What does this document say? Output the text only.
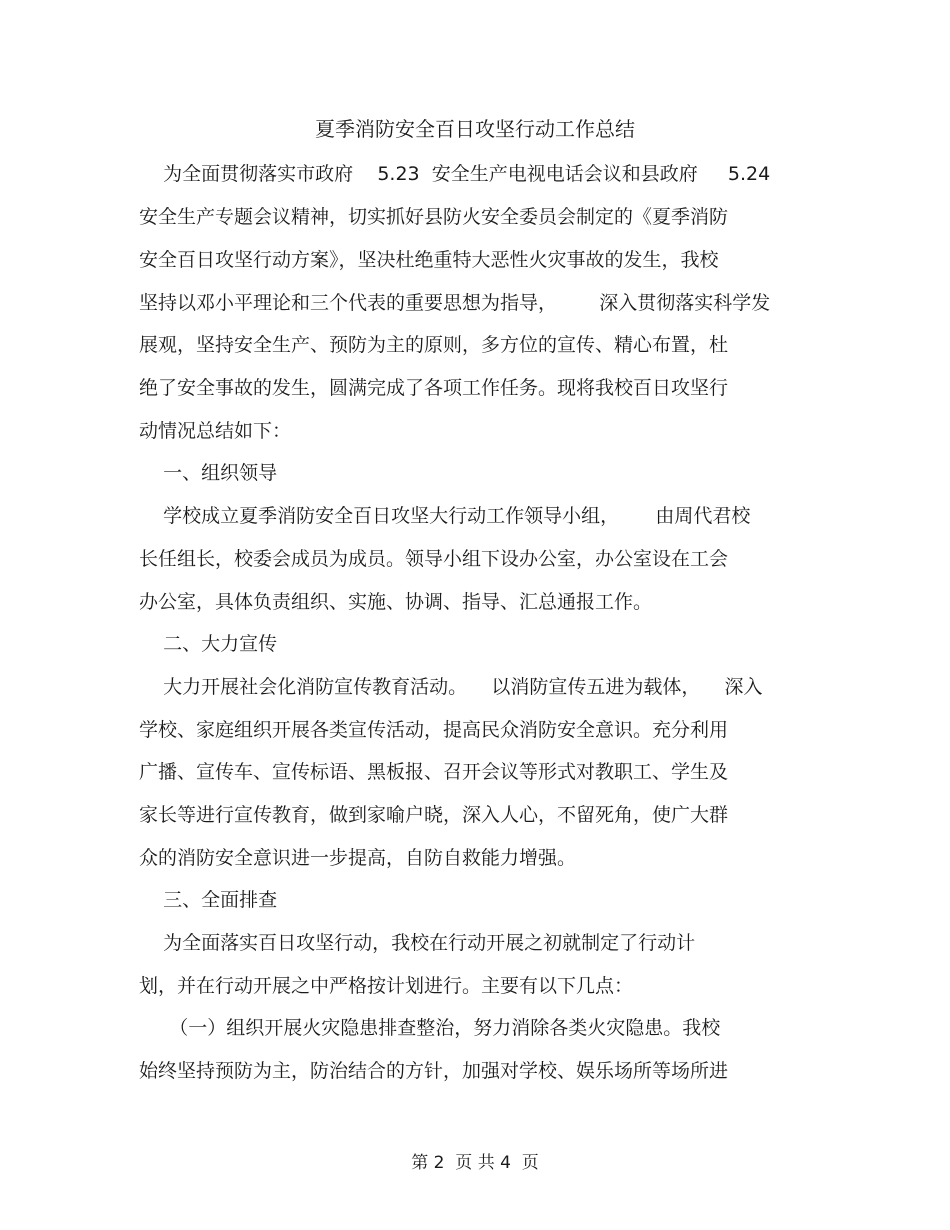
夏季消防安全百日攻坚行动工作总结
为全面贯彻落实市政府    5.23  安全生产电视电话会议和县政府     5.24
安全生产专题会议精神，切实抓好县防火安全委员会制定的《夏季消防
安全百日攻坚行动方案》，坚决杜绝重特大恶性火灾事故的发生，我校
坚持以邓小平理论和三个代表的重要思想为指导，       深入贯彻落实科学发
展观，坚持安全生产、预防为主的原则，多方位的宣传、精心布置，杜
绝了安全事故的发生，圆满完成了各项工作任务。现将我校百日攻坚行
动情况总结如下：
一、组织领导
学校成立夏季消防安全百日攻坚大行动工作领导小组，      由周代君校
长任组长，校委会成员为成员。领导小组下设办公室，办公室设在工会
办公室，具体负责组织、实施、协调、指导、汇总通报工作。
二、大力宣传
大力开展社会化消防宣传教育活动。    以消防宣传五进为载体，    深入
学校、家庭组织开展各类宣传活动，提高民众消防安全意识。充分利用
广播、宣传车、宣传标语、黑板报、召开会议等形式对教职工、学生及
家长等进行宣传教育，做到家喻户晓，深入人心，不留死角，使广大群
众的消防安全意识进一步提高，自防自救能力增强。
三、全面排查
为全面落实百日攻坚行动，我校在行动开展之初就制定了行动计
划，并在行动开展之中严格按计划进行。主要有以下几点：
（一）组织开展火灾隐患排查整治，努力消除各类火灾隐患。我校
始终坚持预防为主，防治结合的方针，加强对学校、娱乐场所等场所进
第 2  页 共 4  页
